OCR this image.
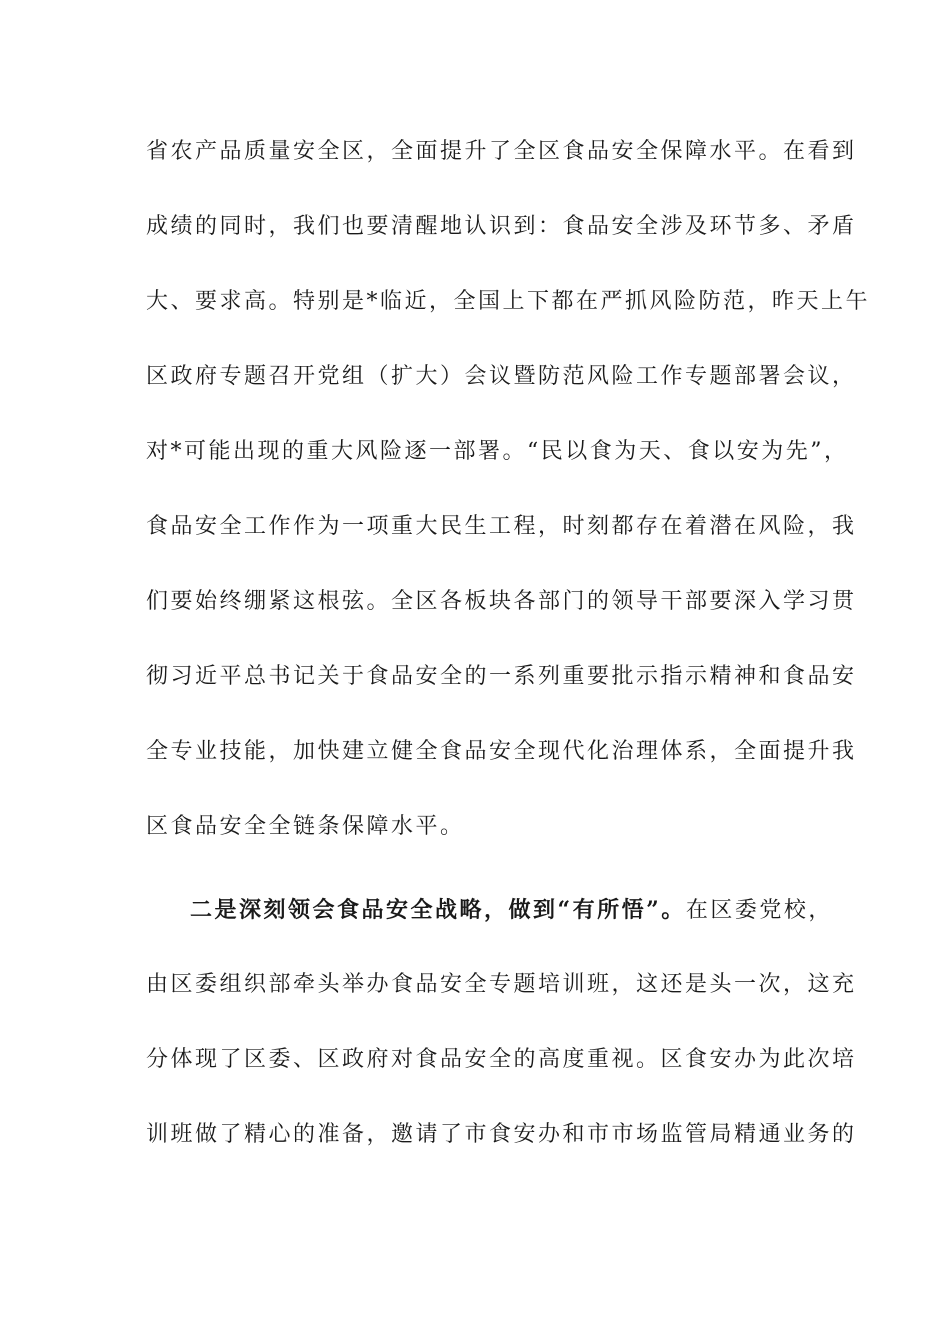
省农产品质量安全区，全面提升了全区食品安全保障水平。在看到
成绩的同时，我们也要清醒地认识到：食品安全涉及环节多、矛盾
大、要求高。特别是*临近，全国上下都在严抓风险防范，昨天上午
区政府专题召开党组（扩大）会议暨防范风险工作专题部署会议，
对*可能出现的重大风险逐一部署。“民以食为天、食以安为先”，
食品安全工作作为一项重大民生工程，时刻都存在着潜在风险，我
们要始终绷紧这根弦。全区各板块各部门的领导干部要深入学习贯
彻习近平总书记关于食品安全的一系列重要批示指示精神和食品安
全专业技能，加快建立健全食品安全现代化治理体系，全面提升我
区食品安全全链条保障水平。
二是深刻领会食品安全战略，做到“有所悟”。在区委党校，
由区委组织部牵头举办食品安全专题培训班，这还是头一次，这充
分体现了区委、区政府对食品安全的高度重视。区食安办为此次培
训班做了精心的准备，邀请了市食安办和市市场监管局精通业务的
